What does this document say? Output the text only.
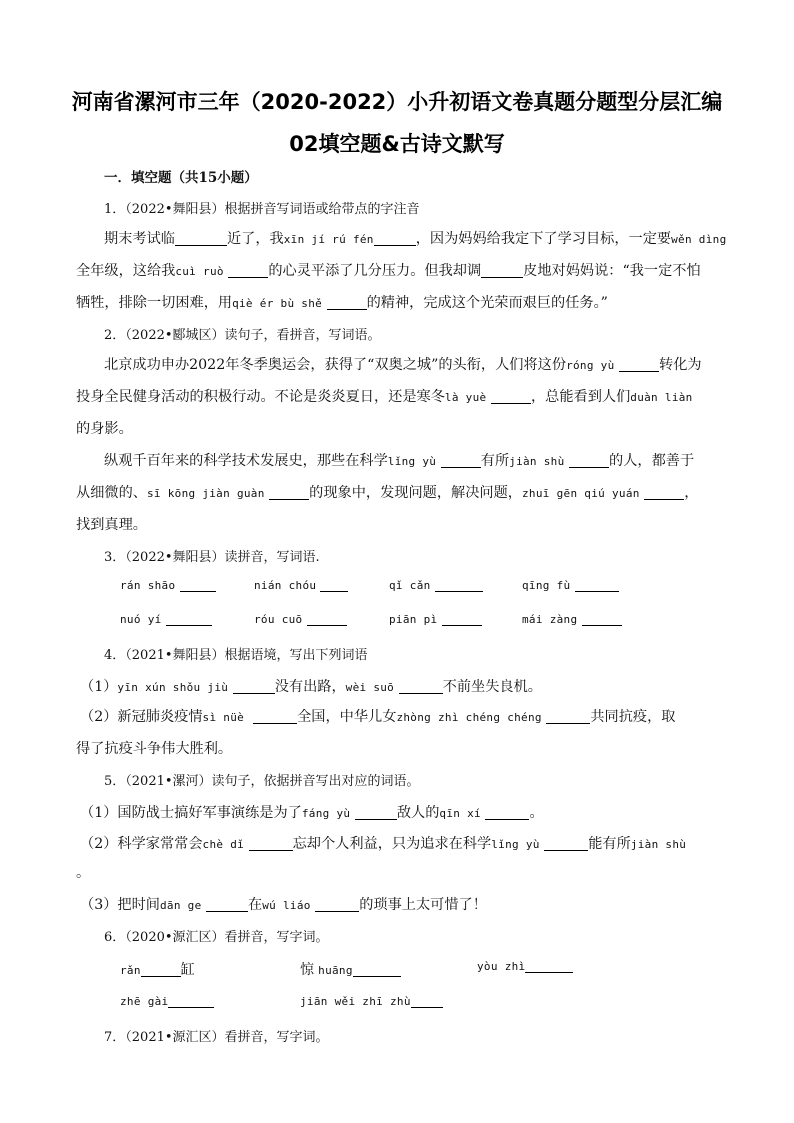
河南省漯河市三年（2020-2022）小升初语文卷真题分题型分层汇编
02填空题&古诗文默写
一．填空题（共15小题）
1．（2022•舞阳县）根据拼音写词语或给带点的字注音
期末考试临	近了，我xīn jí rú fén	，因为妈妈给我定下了学习目标，一定要wěn dìng
全年级，这给我cuì ruò	的心灵平添了几分压力。但我却调	皮地对妈妈说：“我一定不怕
牺牲，排除一切困难，用qiè ér bù shě	的精神，完成这个光荣而艰巨的任务。”
2．（2022•郾城区）读句子，看拼音，写词语。
北京成功申办2022年冬季奥运会，获得了“双奥之城”的头衔，人们将这份róng yù	转化为
投身全民健身活动的积极行动。不论是炎炎夏日，还是寒冬là yuè	，总能看到人们duàn liàn
的身影。
纵观千百年来的科学技术发展史，那些在科学lǐng yù	有所jiàn shù	的人，都善于
从细微的、sī kōng jiàn guàn	的现象中，发现问题，解决问题，zhuī gēn qiú yuán	，
找到真理。
3．（2022•舞阳县）读拼音，写词语.
rán shāo	nián chóu	qǐ cǎn	qīng fù
nuó yí	róu cuō	piān pì	mái zàng
4．（2021•舞阳县）根据语境，写出下列词语
（1）yīn xún shǒu jiù	没有出路，wèi suō	不前坐失良机。
（2）新冠肺炎疫情sì nüè	全国，中华儿女zhòng zhì chéng chéng	共同抗疫，取
得了抗疫斗争伟大胜利。
5．（2021•漯河）读句子，依据拼音写出对应的词语。
（1）国防战士搞好军事演练是为了fáng yù	敌人的qīn xí	。
（2）科学家常常会chè dǐ	忘却个人利益，只为追求在科学lǐng yù	能有所jiàn shù
。
（3）把时间dān ge	在wú liáo	的琐事上太可惜了！
6．（2020•源汇区）看拼音，写字词。
rǎn	缸	惊 huāng	yòu zhì
zhē gài	jiān wěi zhī zhù
7．（2021•源汇区）看拼音，写字词。
